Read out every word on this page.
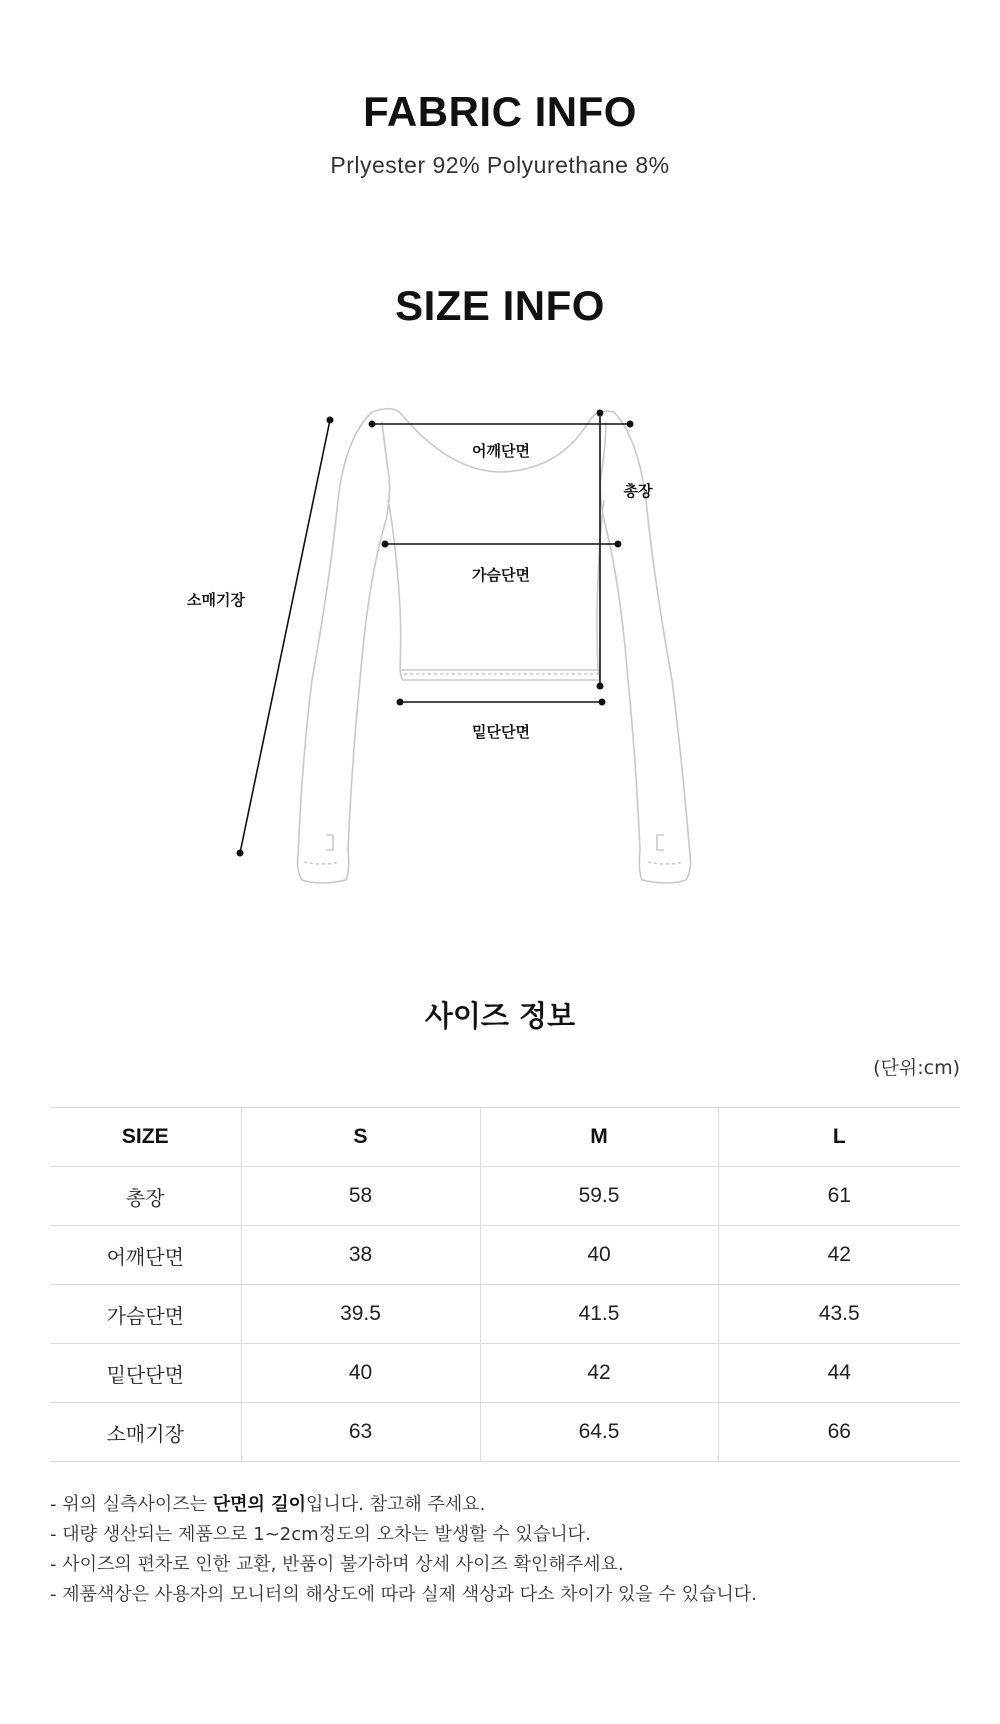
FABRIC INFO
Prlyester 92% Polyurethane 8%
SIZE INFO
어깨단면
총장
가슴단면
밑단단면
소매기장
사이즈 정보
(단위:cm)
SIZE	S	M	L
총장	58	59.5	61
어깨단면	38	40	42
가슴단면	39.5	41.5	43.5
밑단단면	40	42	44
소매기장	63	64.5	66
- 위의 실측사이즈는 단면의 길이입니다. 참고해 주세요.
- 대량 생산되는 제품으로 1~2cm정도의 오차는 발생할 수 있습니다.
- 사이즈의 편차로 인한 교환, 반품이 불가하며 상세 사이즈 확인해주세요.
- 제품색상은 사용자의 모니터의 해상도에 따라 실제 색상과 다소 차이가 있을 수 있습니다.
